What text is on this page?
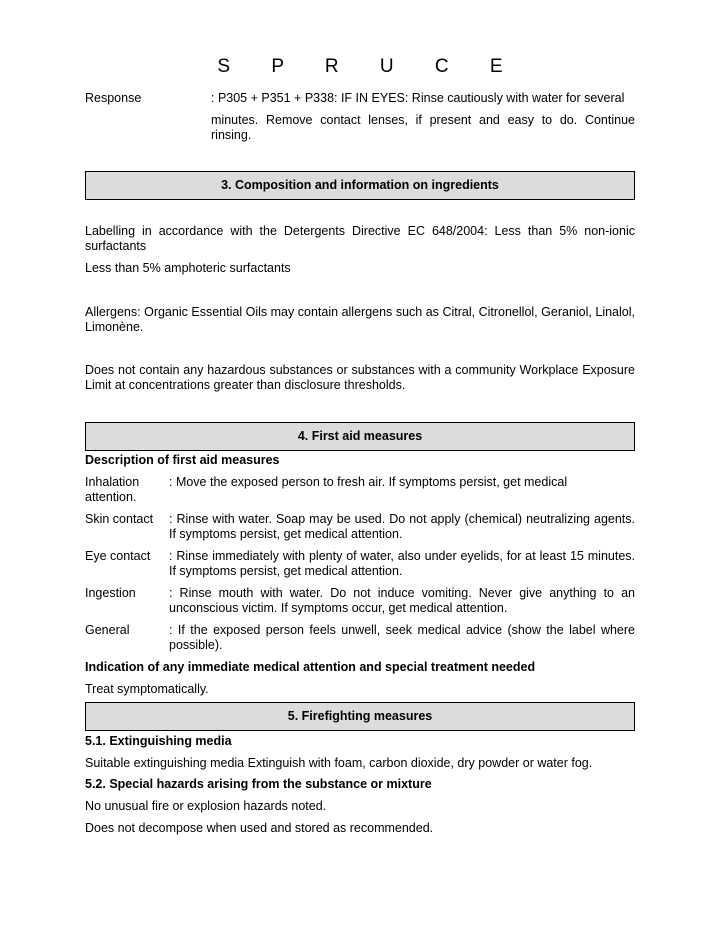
S P R U C E
Response	: P305 + P351 + P338: IF IN EYES: Rinse cautiously with water for several
minutes. Remove contact lenses, if present and easy to do. Continue rinsing.
3. Composition and information on ingredients
Labelling in accordance with the Detergents Directive EC 648/2004: Less than 5% non-ionic surfactants
Less than 5% amphoteric surfactants
Allergens: Organic Essential Oils may contain allergens such as Citral, Citronellol, Geraniol, Linalol, Limonène.
Does not contain any hazardous substances or substances with a community Workplace Exposure Limit at concentrations greater than disclosure thresholds.
4. First aid measures
Description of first aid measures
Inhalation	: Move the exposed person to fresh air. If symptoms persist, get medical
attention.
Skin contact	: Rinse with water. Soap may be used. Do not apply (chemical) neutralizing agents. If symptoms persist, get medical attention.
Eye contact	: Rinse immediately with plenty of water, also under eyelids, for at least 15 minutes. If symptoms persist, get medical attention.
Ingestion	: Rinse mouth with water. Do not induce vomiting. Never give anything to an unconscious victim. If symptoms occur, get medical attention.
General	: If the exposed person feels unwell, seek medical advice (show the label where possible).
Indication of any immediate medical attention and special treatment needed
Treat symptomatically.
5. Firefighting measures
5.1. Extinguishing media
Suitable extinguishing media Extinguish with foam, carbon dioxide, dry powder or water fog.
5.2. Special hazards arising from the substance or mixture
No unusual fire or explosion hazards noted.
Does not decompose when used and stored as recommended.
